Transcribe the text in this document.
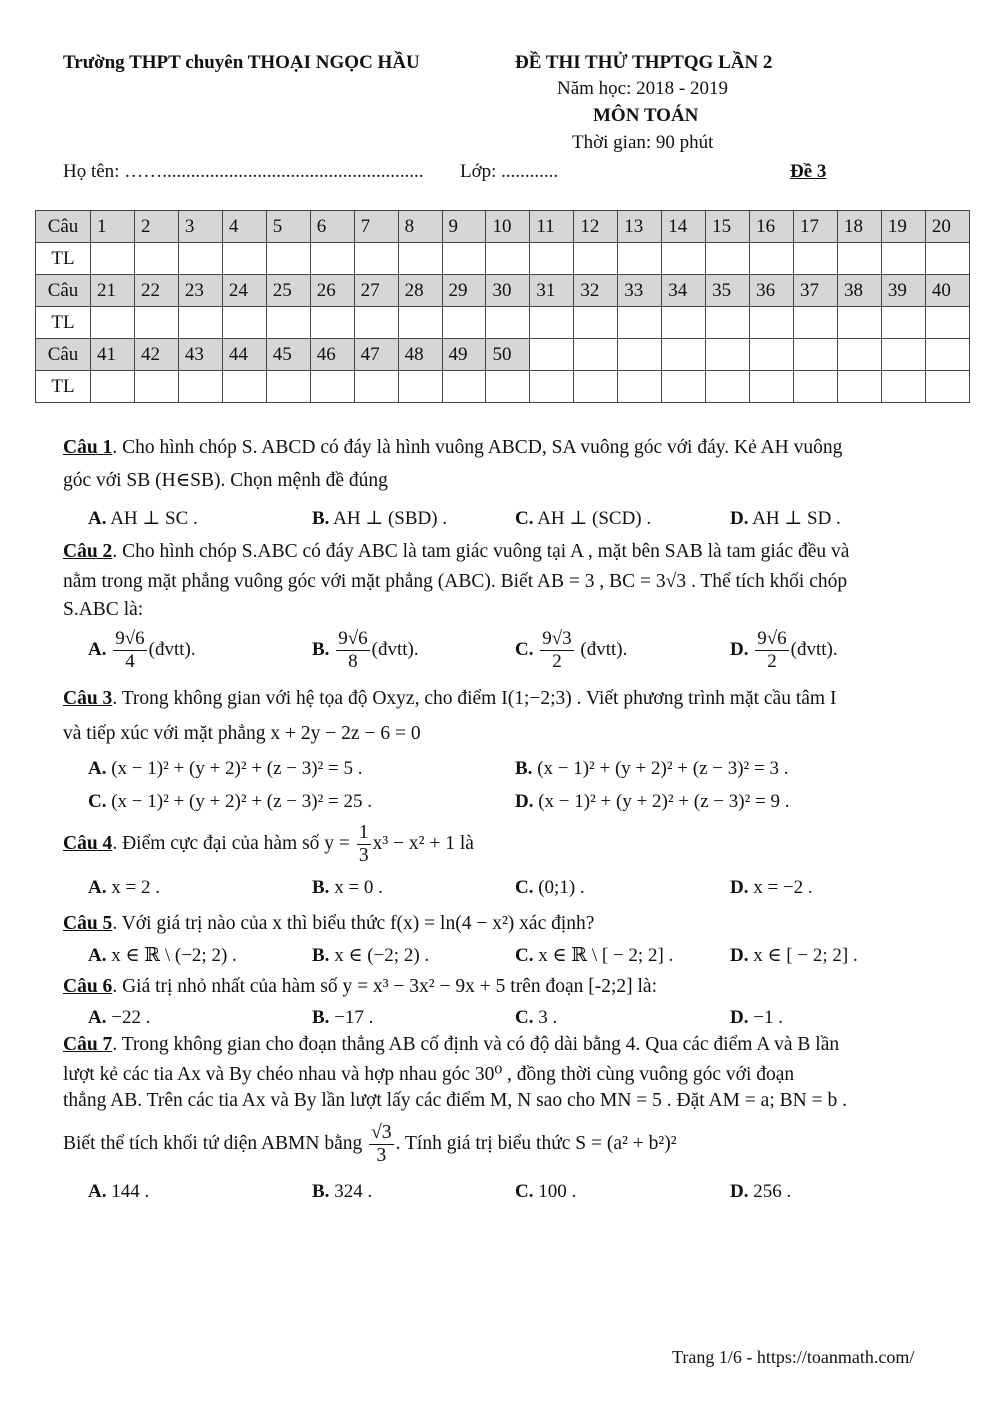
Trường THPT chuyên THOẠI NGỌC HẦU	ĐỀ THI THỬ THPTQG LẦN 2
Năm học: 2018 - 2019
MÔN TOÁN
Thời gian: 90 phút
Họ tên: ……....................................................... Lớp: ............	Đề 3
Câu	1	2	3	4	5	6	7	8	9	10	11	12	13	14	15	16	17	18	19	20
TL																				
Câu	21	22	23	24	25	26	27	28	29	30	31	32	33	34	35	36	37	38	39	40
TL																				
Câu	41	42	43	44	45	46	47	48	49	50										
TL																				
Câu 1. Cho hình chóp S. ABCD có đáy là hình vuông ABCD, SA vuông góc với đáy. Kẻ AH vuông
góc với SB (H∈SB). Chọn mệnh đề đúng
A. AH ⊥ SC .	B. AH ⊥ (SBD) .	C. AH ⊥ (SCD) .	D. AH ⊥ SD .
Câu 2. Cho hình chóp S.ABC có đáy ABC là tam giác vuông tại A , mặt bên SAB là tam giác đều và
nằm trong mặt phẳng vuông góc với mặt phẳng (ABC). Biết AB = 3 , BC = 3√3 . Thể tích khối chóp
S.ABC là:
A. $\frac{9√6}{4}$ (đvtt).	B. $\frac{9√6}{8}$ (đvtt).	C. $\frac{9√3}{2}$ (đvtt).	D. $\frac{9√6}{2}$ (đvtt).
Câu 3. Trong không gian với hệ tọa độ Oxyz, cho điểm I(1;−2;3) . Viết phương trình mặt cầu tâm I
và tiếp xúc với mặt phẳng x + 2y − 2z − 6 = 0
A. (x − 1)² + (y + 2)² + (z − 3)² = 5 .	B. (x − 1)² + (y + 2)² + (z − 3)² = 3 .
C. (x − 1)² + (y + 2)² + (z − 3)² = 25 .	D. (x − 1)² + (y + 2)² + (z − 3)² = 9 .
Câu 4. Điểm cực đại của hàm số $y = \frac{1}{3} x^3 - x^2 + 1$ là
A. x = 2 .	B. x = 0 .	C. (0;1) .	D. x = −2 .
Câu 5. Với giá trị nào của x thì biểu thức f(x) = ln(4 − x²) xác định?
A. x ∈ ℝ \ (−2; 2) .	B. x ∈ (−2; 2) .	C. x ∈ ℝ \ [ − 2; 2] .	D. x ∈ [ − 2; 2] .
Câu 6. Giá trị nhỏ nhất của hàm số y = x³ − 3x² − 9x + 5 trên đoạn [-2;2] là:
A. −22 .	B. −17 .	C. 3 .	D. −1 .
Câu 7. Trong không gian cho đoạn thẳng AB cố định và có độ dài bằng 4. Qua các điểm A và B lần
lượt kẻ các tia Ax và By chéo nhau và hợp nhau góc 30⁰ , đồng thời cùng vuông góc với đoạn
thẳng AB. Trên các tia Ax và By lần lượt lấy các điểm M, N sao cho MN = 5 . Đặt AM = a; BN = b .
Biết thể tích khối tứ diện ABMN bằng $\frac{√3}{3}$ . Tính giá trị biểu thức S = (a² + b²)²
A. 144 .	B. 324 .	C. 100 .	D. 256 .
Trang 1/6 - https://toanmath.com/
